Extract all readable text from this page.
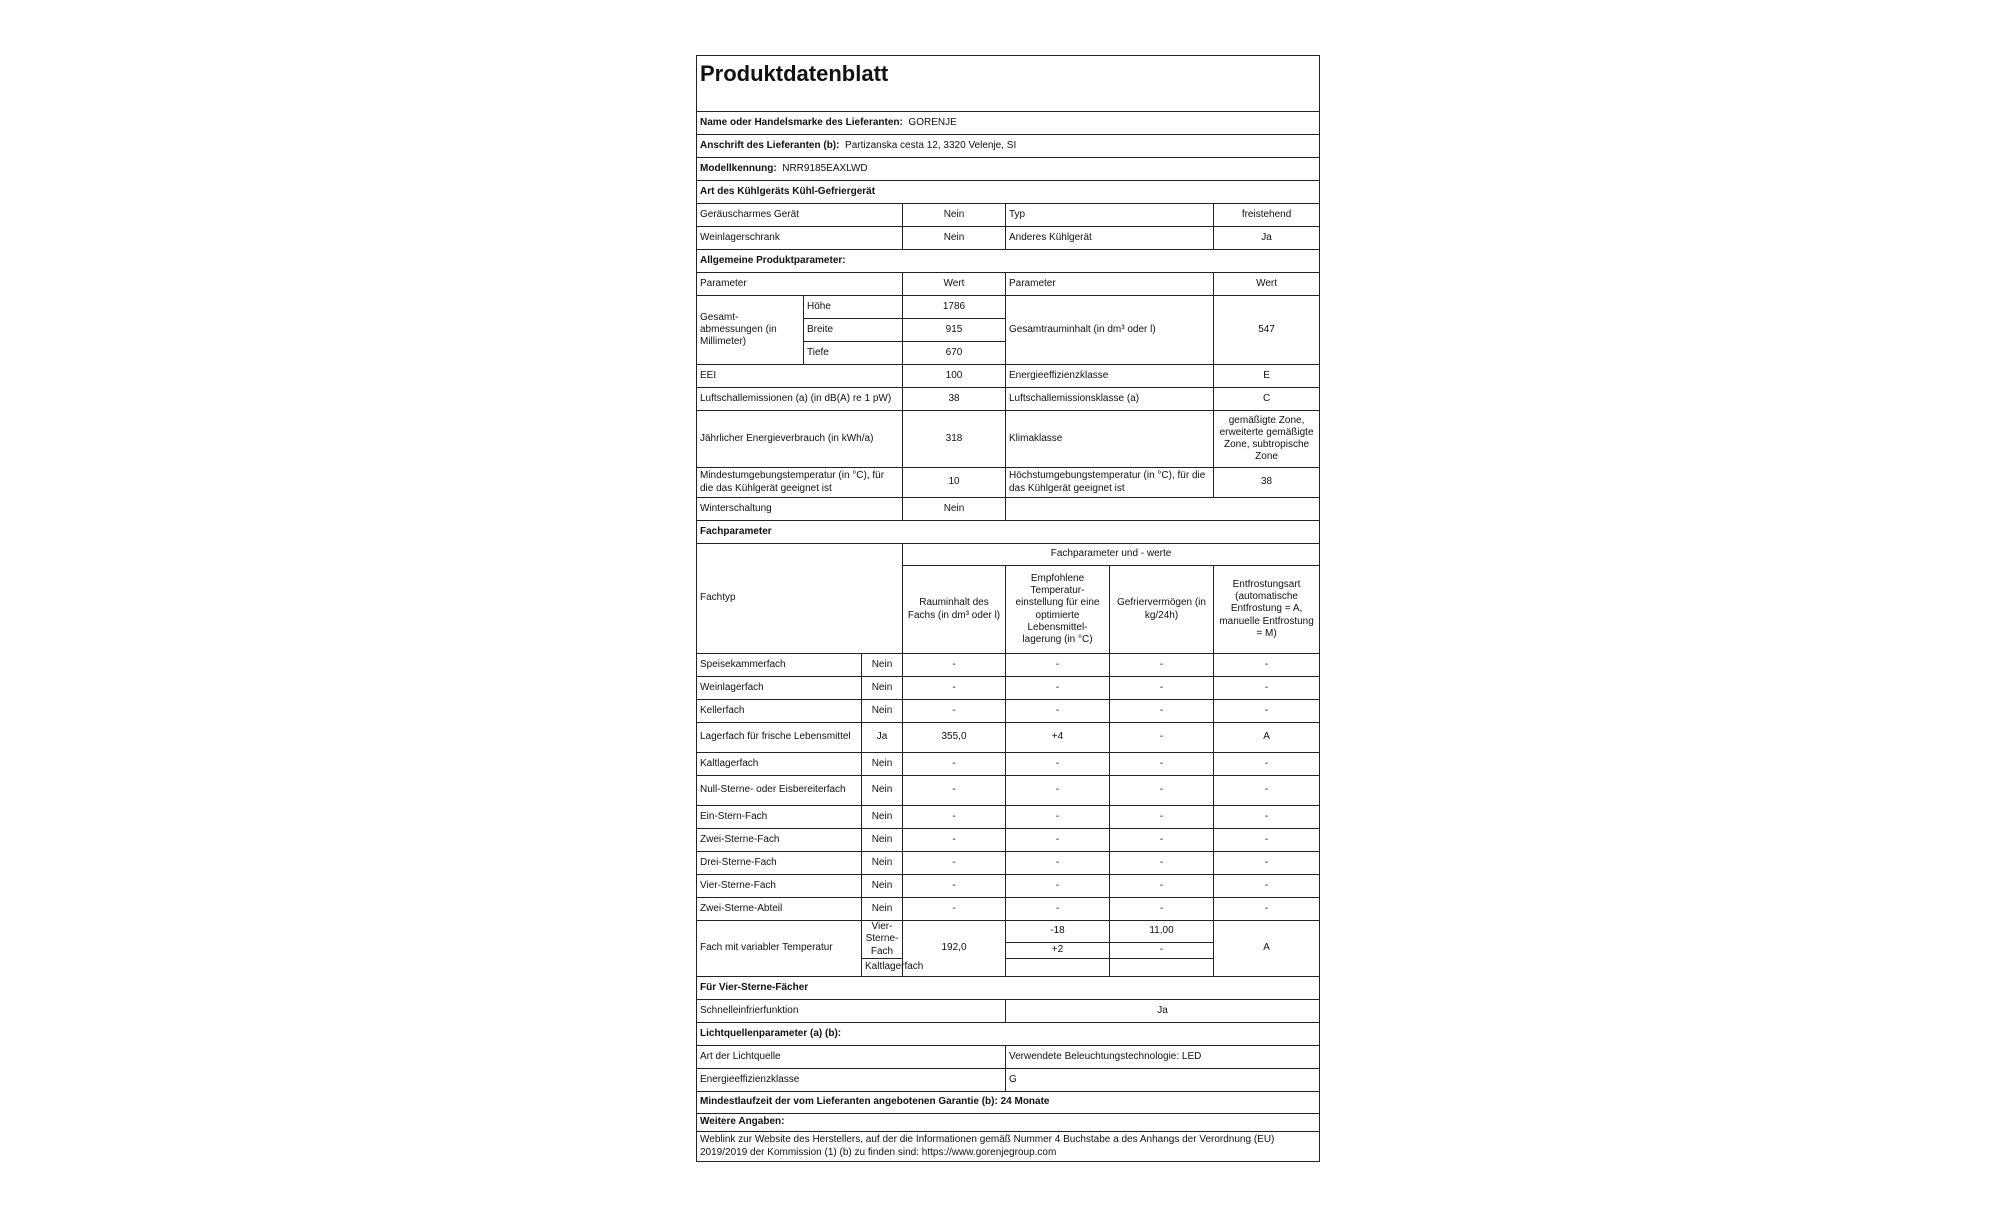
Produktdatenblatt						
Name oder Handelsmarke des Lieferanten: GORENJE						
Anschrift des Lieferanten (b): Partizanska cesta 12, 3320 Velenje, SI						
Modellkennung: NRR9185EAXLWD						
Art des Kühlgeräts Kühl-Gefriergerät						
Geräuscharmes Gerät			Nein	Typ		freistehend
Weinlagerschrank			Nein	Anderes Kühlgerät		Ja
Allgemeine Produktparameter:						
Parameter			Wert	Parameter		Wert
Gesamt-abmessungen (in Millimeter)	Höhe		1786	Gesamtrauminhalt (in dm³ oder l)		547
	Breite		915			
	Tiefe		670			
EEI			100	Energieeffizienzklasse		E
Luftschallemissionen (a) (in dB(A) re 1 pW)			38	Luftschallemissionsklasse (a)		C
Jährlicher Energieverbrauch (in kWh/a)			318	Klimaklasse		gemäßigte Zone, erweiterte gemäßigte Zone, subtropische Zone
Mindestumgebungstemperatur (in °C), für die das Kühlgerät geeignet ist			10	Höchstumgebungstemperatur (in °C), für die das Kühlgerät geeignet ist		38
Winterschaltung			Nein			
Fachparameter						
Fachtyp			Fachparameter und - werte			
			Rauminhalt des Fachs (in dm³ oder l)	Empfohlene Temperatur-einstellung für eine optimierte Lebensmittel-lagerung (in °C)	Gefriervermögen (in kg/24h)	Entfrostungsart (automatische Entfrostung = A, manuelle Entfrostung = M)
Speisekammerfach		Nein	-	-	-	-
Weinlagerfach		Nein	-	-	-	-
Kellerfach		Nein	-	-	-	-
Lagerfach für frische Lebensmittel		Ja	355,0	+4	-	A
Kaltlagerfach		Nein	-	-	-	-
Null-Sterne- oder Eisbereiterfach		Nein	-	-	-	-
Ein-Stern-Fach		Nein	-	-	-	-
Zwei-Sterne-Fach		Nein	-	-	-	-
Drei-Sterne-Fach		Nein	-	-	-	-
Vier-Sterne-Fach		Nein	-	-	-	-
Zwei-Sterne-Abteil		Nein	-	-	-	-
Fach mit variabler Temperatur		Vier-Sterne-Fach	192,0	-18	11,00	A
				+2	-	
		Kaltlagerfach				
Für Vier-Sterne-Fächer						
Schnelleinfrierfunktion				Ja		
Lichtquellenparameter (a) (b):						
Art der Lichtquelle				Verwendete Beleuchtungstechnologie: LED		
Energieeffizienzklasse				G		
Mindestlaufzeit der vom Lieferanten angebotenen Garantie (b): 24 Monate						
Weitere Angaben:						
Weblink zur Website des Herstellers, auf der die Informationen gemäß Nummer 4 Buchstabe a des Anhangs der Verordnung (EU) 2019/2019 der Kommission (1) (b) zu finden sind: https://www.gorenjegroup.com						
